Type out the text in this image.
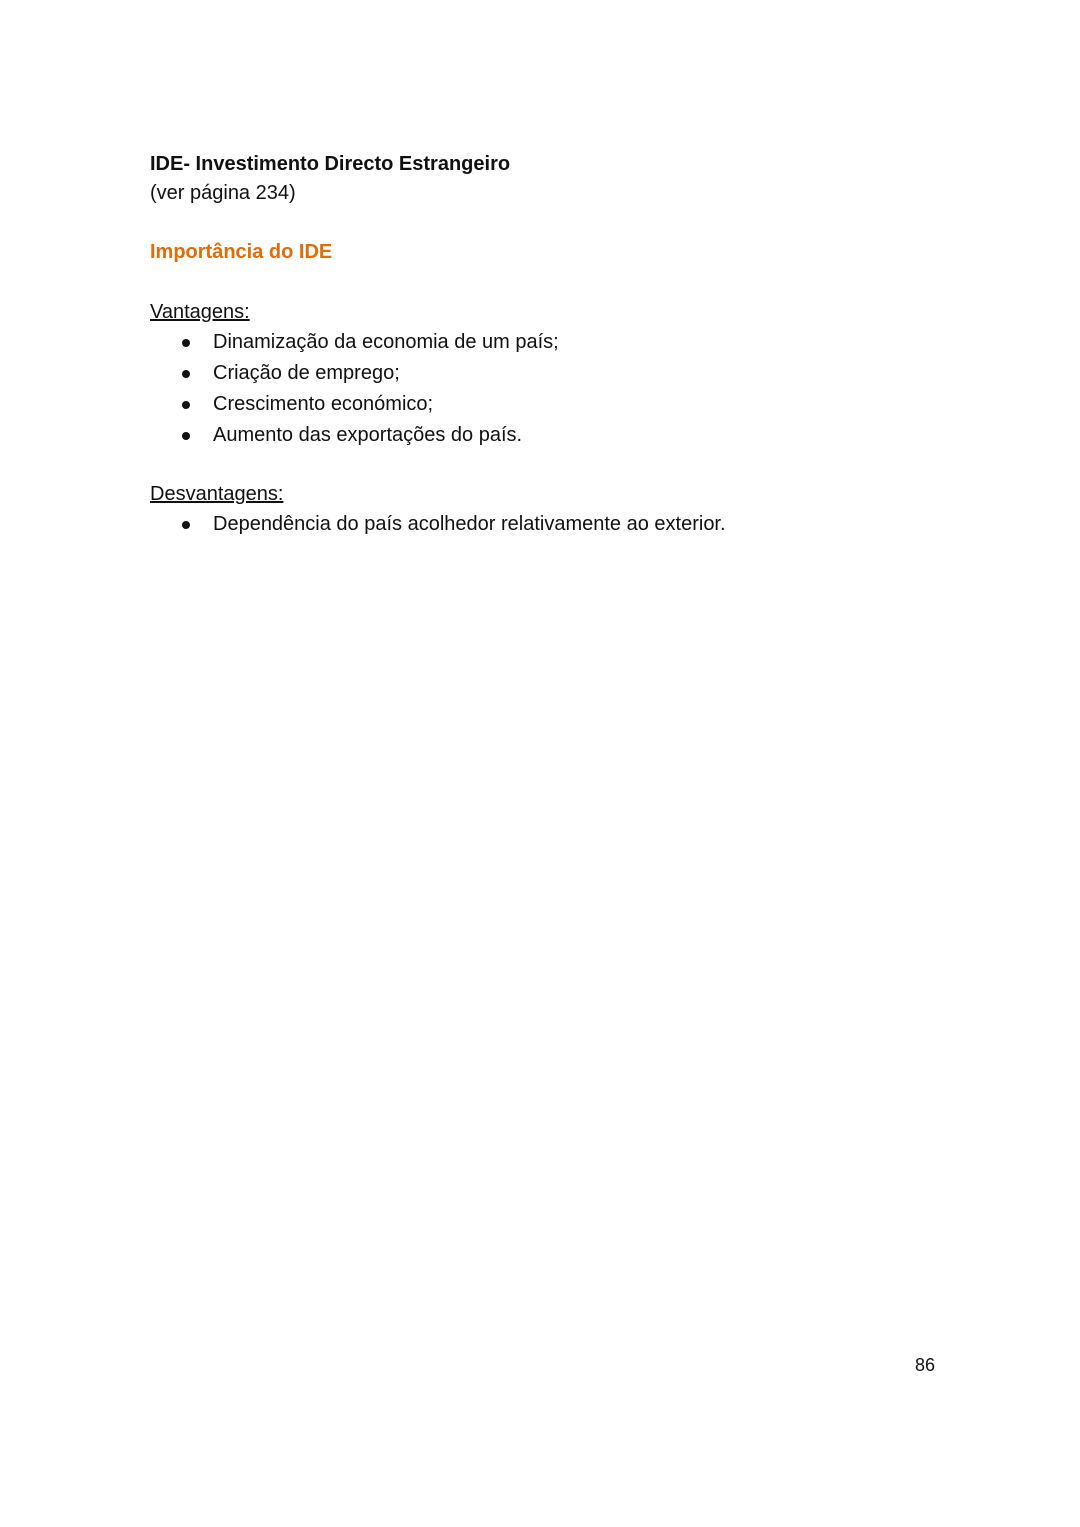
IDE- Investimento Directo Estrangeiro

(ver página 234)

Importância do IDE

Vantagens:

Dinamização da economia de um país;
Criação de emprego;
Crescimento económico;
Aumento das exportações do país.

Desvantagens:

Dependência do país acolhedor relativamente ao exterior.
86
